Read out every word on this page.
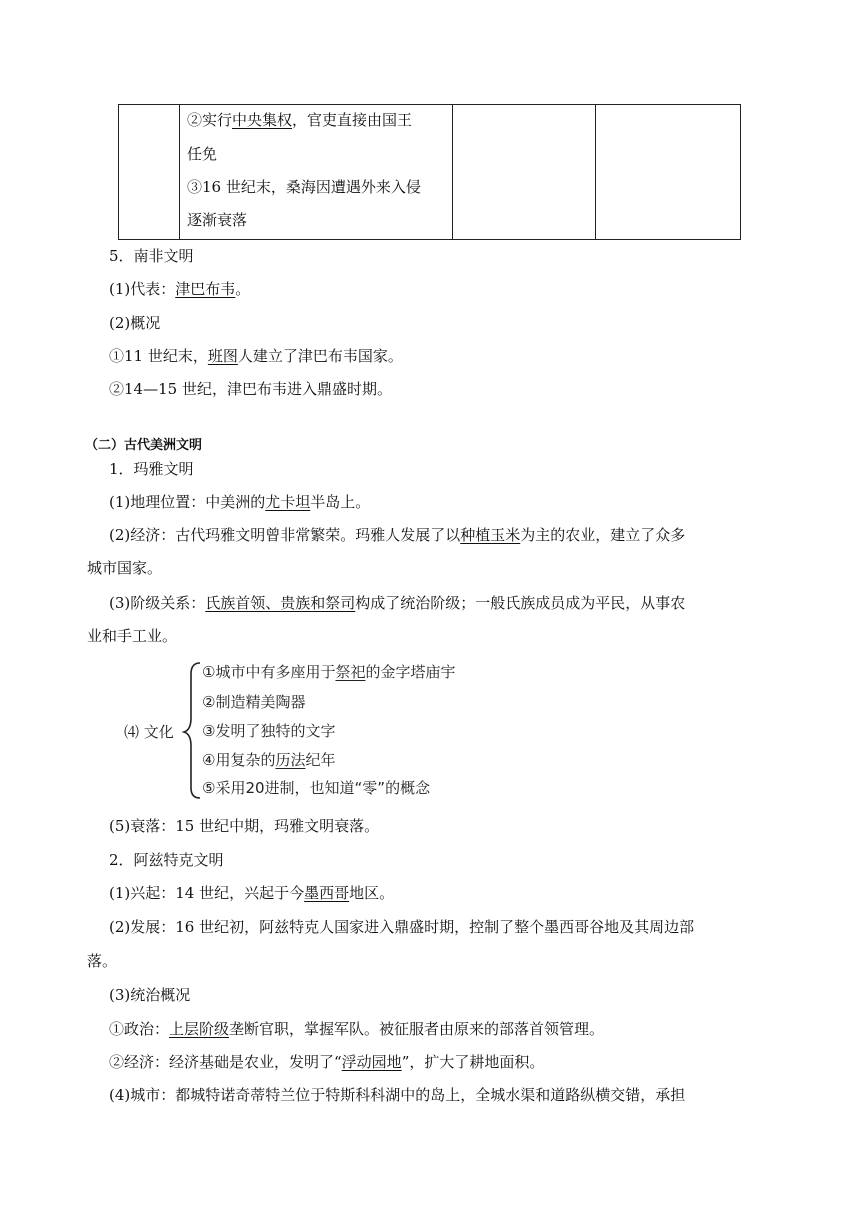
②实行中央集权，官吏直接由国王
任免
③16 世纪末，桑海因遭遇外来入侵
逐渐衰落
5．南非文明
(1)代表：津巴布韦。
(2)概况
①11 世纪末，班图人建立了津巴布韦国家。
②14—15 世纪，津巴布韦进入鼎盛时期。
（二）古代美洲文明
1．玛雅文明
(1)地理位置：中美洲的尤卡坦半岛上。
(2)经济：古代玛雅文明曾非常繁荣。玛雅人发展了以种植玉米为主的农业，建立了众多
城市国家。
(3)阶级关系：氏族首领、贵族和祭司构成了统治阶级；一般氏族成员成为平民，从事农
业和手工业。
⑷ 文化
①城市中有多座用于祭祀的金字塔庙宇
②制造精美陶器
③发明了独特的文字
④用复杂的历法纪年
⑤采用20进制，也知道“零”的概念
(5)衰落：15 世纪中期，玛雅文明衰落。
2．阿兹特克文明
(1)兴起：14 世纪，兴起于今墨西哥地区。
(2)发展：16 世纪初，阿兹特克人国家进入鼎盛时期，控制了整个墨西哥谷地及其周边部
落。
(3)统治概况
①政治：上层阶级垄断官职，掌握军队。被征服者由原来的部落首领管理。
②经济：经济基础是农业，发明了“浮动园地”，扩大了耕地面积。
(4)城市：都城特诺奇蒂特兰位于特斯科科湖中的岛上，全城水渠和道路纵横交错，承担
